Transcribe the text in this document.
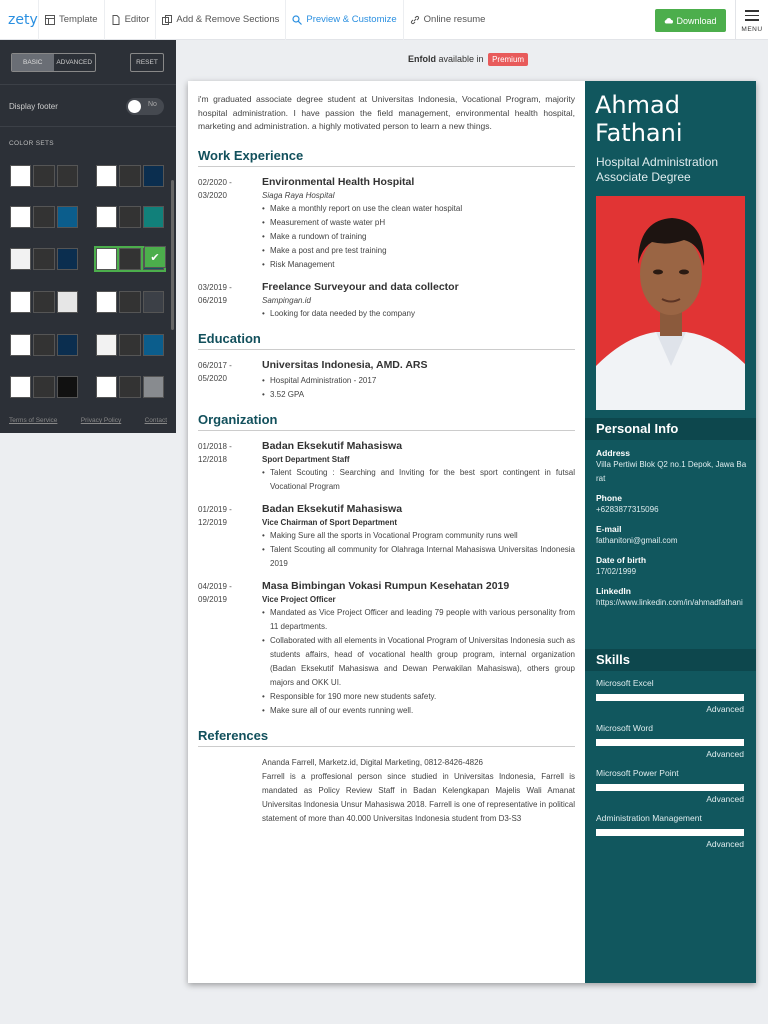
zety Template	Editor	Add & Remove Sections	Preview & Customize	Online resume	Download
MENU
BASIC	ADVANCED	RESET
Display footer	No
COLOR SETS
✔
Terms of Service	Privacy Policy	Contact
Enfold available in Premium
i'm graduated associate degree student at Universitas Indonesia, Vocational Program, majority hospital administration. I have passion the field management, environmental health hospital, marketing and administration. a highly motivated person to learn a new things.
Work Experience
02/2020 -
03/2020
Environmental Health Hospital
Siaga Raya Hospital
• Make a monthly report on use the clean water hospital
• Measurement of waste water pH
• Make a rundown of training
• Make a post and pre test training
• Risk Management
03/2019 -
06/2019
Freelance Surveyour and data collector
Sampingan.id
• Looking for data needed by the company
Education
06/2017 -
05/2020
Universitas Indonesia, AMD. ARS
• Hospital Administration - 2017
• 3.52 GPA
Organization
01/2018 -
12/2018
Badan Eksekutif Mahasiswa
Sport Department Staff
• Talent Scouting : Searching and Inviting for the best sport contingent in futsal Vocational Program
01/2019 -
12/2019
Badan Eksekutif Mahasiswa
Vice Chairman of Sport Department
• Making Sure all the sports in Vocational Program community runs well
• Talent Scouting all community for Olahraga Internal Mahasiswa Universitas Indonesia 2019
04/2019 -
09/2019
Masa Bimbingan Vokasi Rumpun Kesehatan 2019
Vice Project Officer
• Mandated as Vice Project Officer and leading 79 people with various personality from 11 departments.
• Collaborated with all elements in Vocational Program of Universitas Indonesia such as students affairs, head of vocational health group program, internal organization (Badan Eksekutif Mahasiswa and Dewan Perwakilan Mahasiswa), others group majors and OKK UI.
• Responsible for 190 more new students safety.
• Make sure all of our events running well.
References
Ananda Farrell, Marketz.id, Digital Marketing, 0812-8426-4826
Farrell is a proffesional person since studied in Universitas Indonesia, Farrell is mandated as Policy Review Staff in Badan Kelengkapan Majelis Wali Amanat Universitas Indonesia Unsur Mahasiswa 2018. Farrell is one of representative in political statement of more than 40.000 Universitas Indonesia student from D3-S3
Ahmad
Fathani
Hospital Administration Associate Degree
Personal Info
Address
Villa Pertiwi Blok Q2 no.1 Depok, Jawa Barat
Phone
+6283877315096
E-mail
fathanitoni@gmail.com
Date of birth
17/02/1999
LinkedIn
https://www.linkedin.com/in/ahmadfathani
Skills
Microsoft Excel
Advanced
Microsoft Word
Advanced
Microsoft Power Point
Advanced
Administration Management
Advanced
